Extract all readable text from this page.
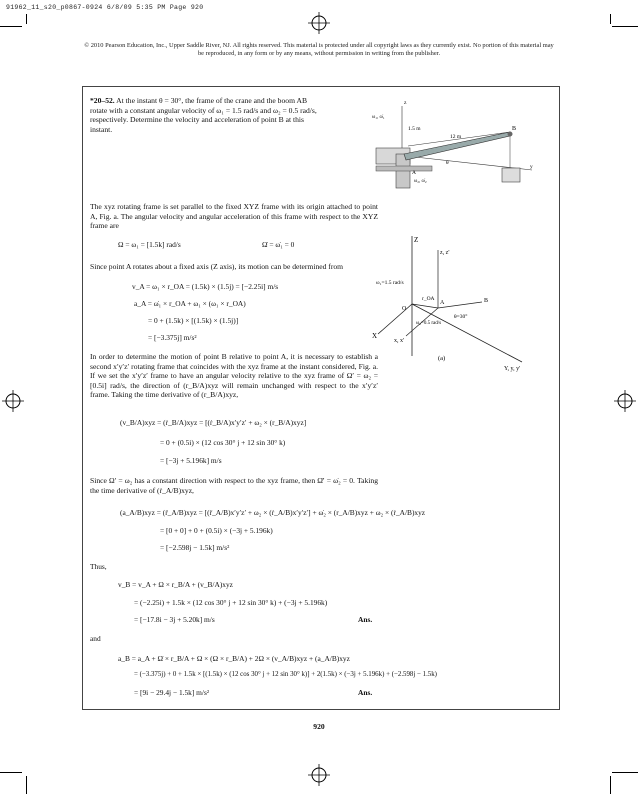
91962_11_s20_p0867-0924 6/8/09 5:35 PM Page 920
© 2010 Pearson Education, Inc., Upper Saddle River, NJ. All rights reserved. This material is protected under all copyright laws as they currently exist. No portion of this material may be reproduced, in any form or by any means, without permission in writing from the publisher.
*20–52. At the instant θ = 30°, the frame of the crane and the boom AB rotate with a constant angular velocity of ω₁ = 1.5 rad/s and ω₂ = 0.5 rad/s, respectively. Determine the velocity and acceleration of point B at this instant.
z
ω₁, ω̇₁
1.5 m
12 m
B
θ
A
ω₂, ω̇₂
y
The xyz rotating frame is set parallel to the fixed XYZ frame with its origin attached to point A, Fig. a. The angular velocity and angular acceleration of this frame with respect to the XYZ frame are
Ω = ω₁ = [1.5k] rad/s	Ω̇ = ω̇₁ = 0
Since point A rotates about a fixed axis (Z axis), its motion can be determined from
v_A = ω₁ × r_OA = (1.5k) × (1.5j) = [−2.25i] m/s
a_A = ω̇₁ × r_OA + ω₁ × (ω₁ × r_OA)
= 0 + (1.5k) × [(1.5k) × (1.5j)]
= [−3.375j] m/s²
Z
z, z'
ω₁=1.5 rad/s
r_OA
O
A	B
θ=30°
ω₂=0.5 rad/s
X
x, x'
Y, y, y'
(a)
In order to determine the motion of point B relative to point A, it is necessary to establish a second x′y′z′ rotating frame that coincides with the xyz frame at the instant considered, Fig. a. If we set the x′y′z′ frame to have an angular velocity relative to the xyz frame of Ω′ = ω₂ = [0.5i] rad/s, the direction of (r_B/A)xyz will remain unchanged with respect to the x′y′z′ frame. Taking the time derivative of (r_B/A)xyz,
(v_B/A)xyz = (ṙ_B/A)xyz = [(ṙ_B/A)x′y′z′ + ω₂ × (r_B/A)xyz]
= 0 + (0.5i) × (12 cos 30° j + 12 sin 30° k)
= [−3j + 5.196k] m/s
Since Ω′ = ω₂ has a constant direction with respect to the xyz frame, then Ω̇′ = ω̇₂ = 0. Taking the time derivative of (ṙ_A/B)xyz,
(a_A/B)xyz = (r̈_A/B)xyz = [(r̈_A/B)x′y′z′ + ω₂ × (ṙ_A/B)x′y′z′] + ω̇₂ × (r_A/B)xyz + ω₂ × (ṙ_A/B)xyz
= [0 + 0] + 0 + (0.5i) × (−3j + 5.196k)
= [−2.598j − 1.5k] m/s²
Thus,
v_B = v_A + Ω × r_B/A + (v_B/A)xyz
= (−2.25i) + 1.5k × (12 cos 30° j + 12 sin 30° k) + (−3j + 5.196k)
= [−17.8i − 3j + 5.20k] m/s	Ans.
and
a_B = a_A + Ω̇ × r_B/A + Ω × (Ω × r_B/A) + 2Ω × (v_A/B)xyz + (a_A/B)xyz
= (−3.375j) + 0 + 1.5k × [(1.5k) × (12 cos 30° j + 12 sin 30° k)] + 2(1.5k) × (−3j + 5.196k) + (−2.598j − 1.5k)
= [9i − 29.4j − 1.5k] m/s²	Ans.
920
